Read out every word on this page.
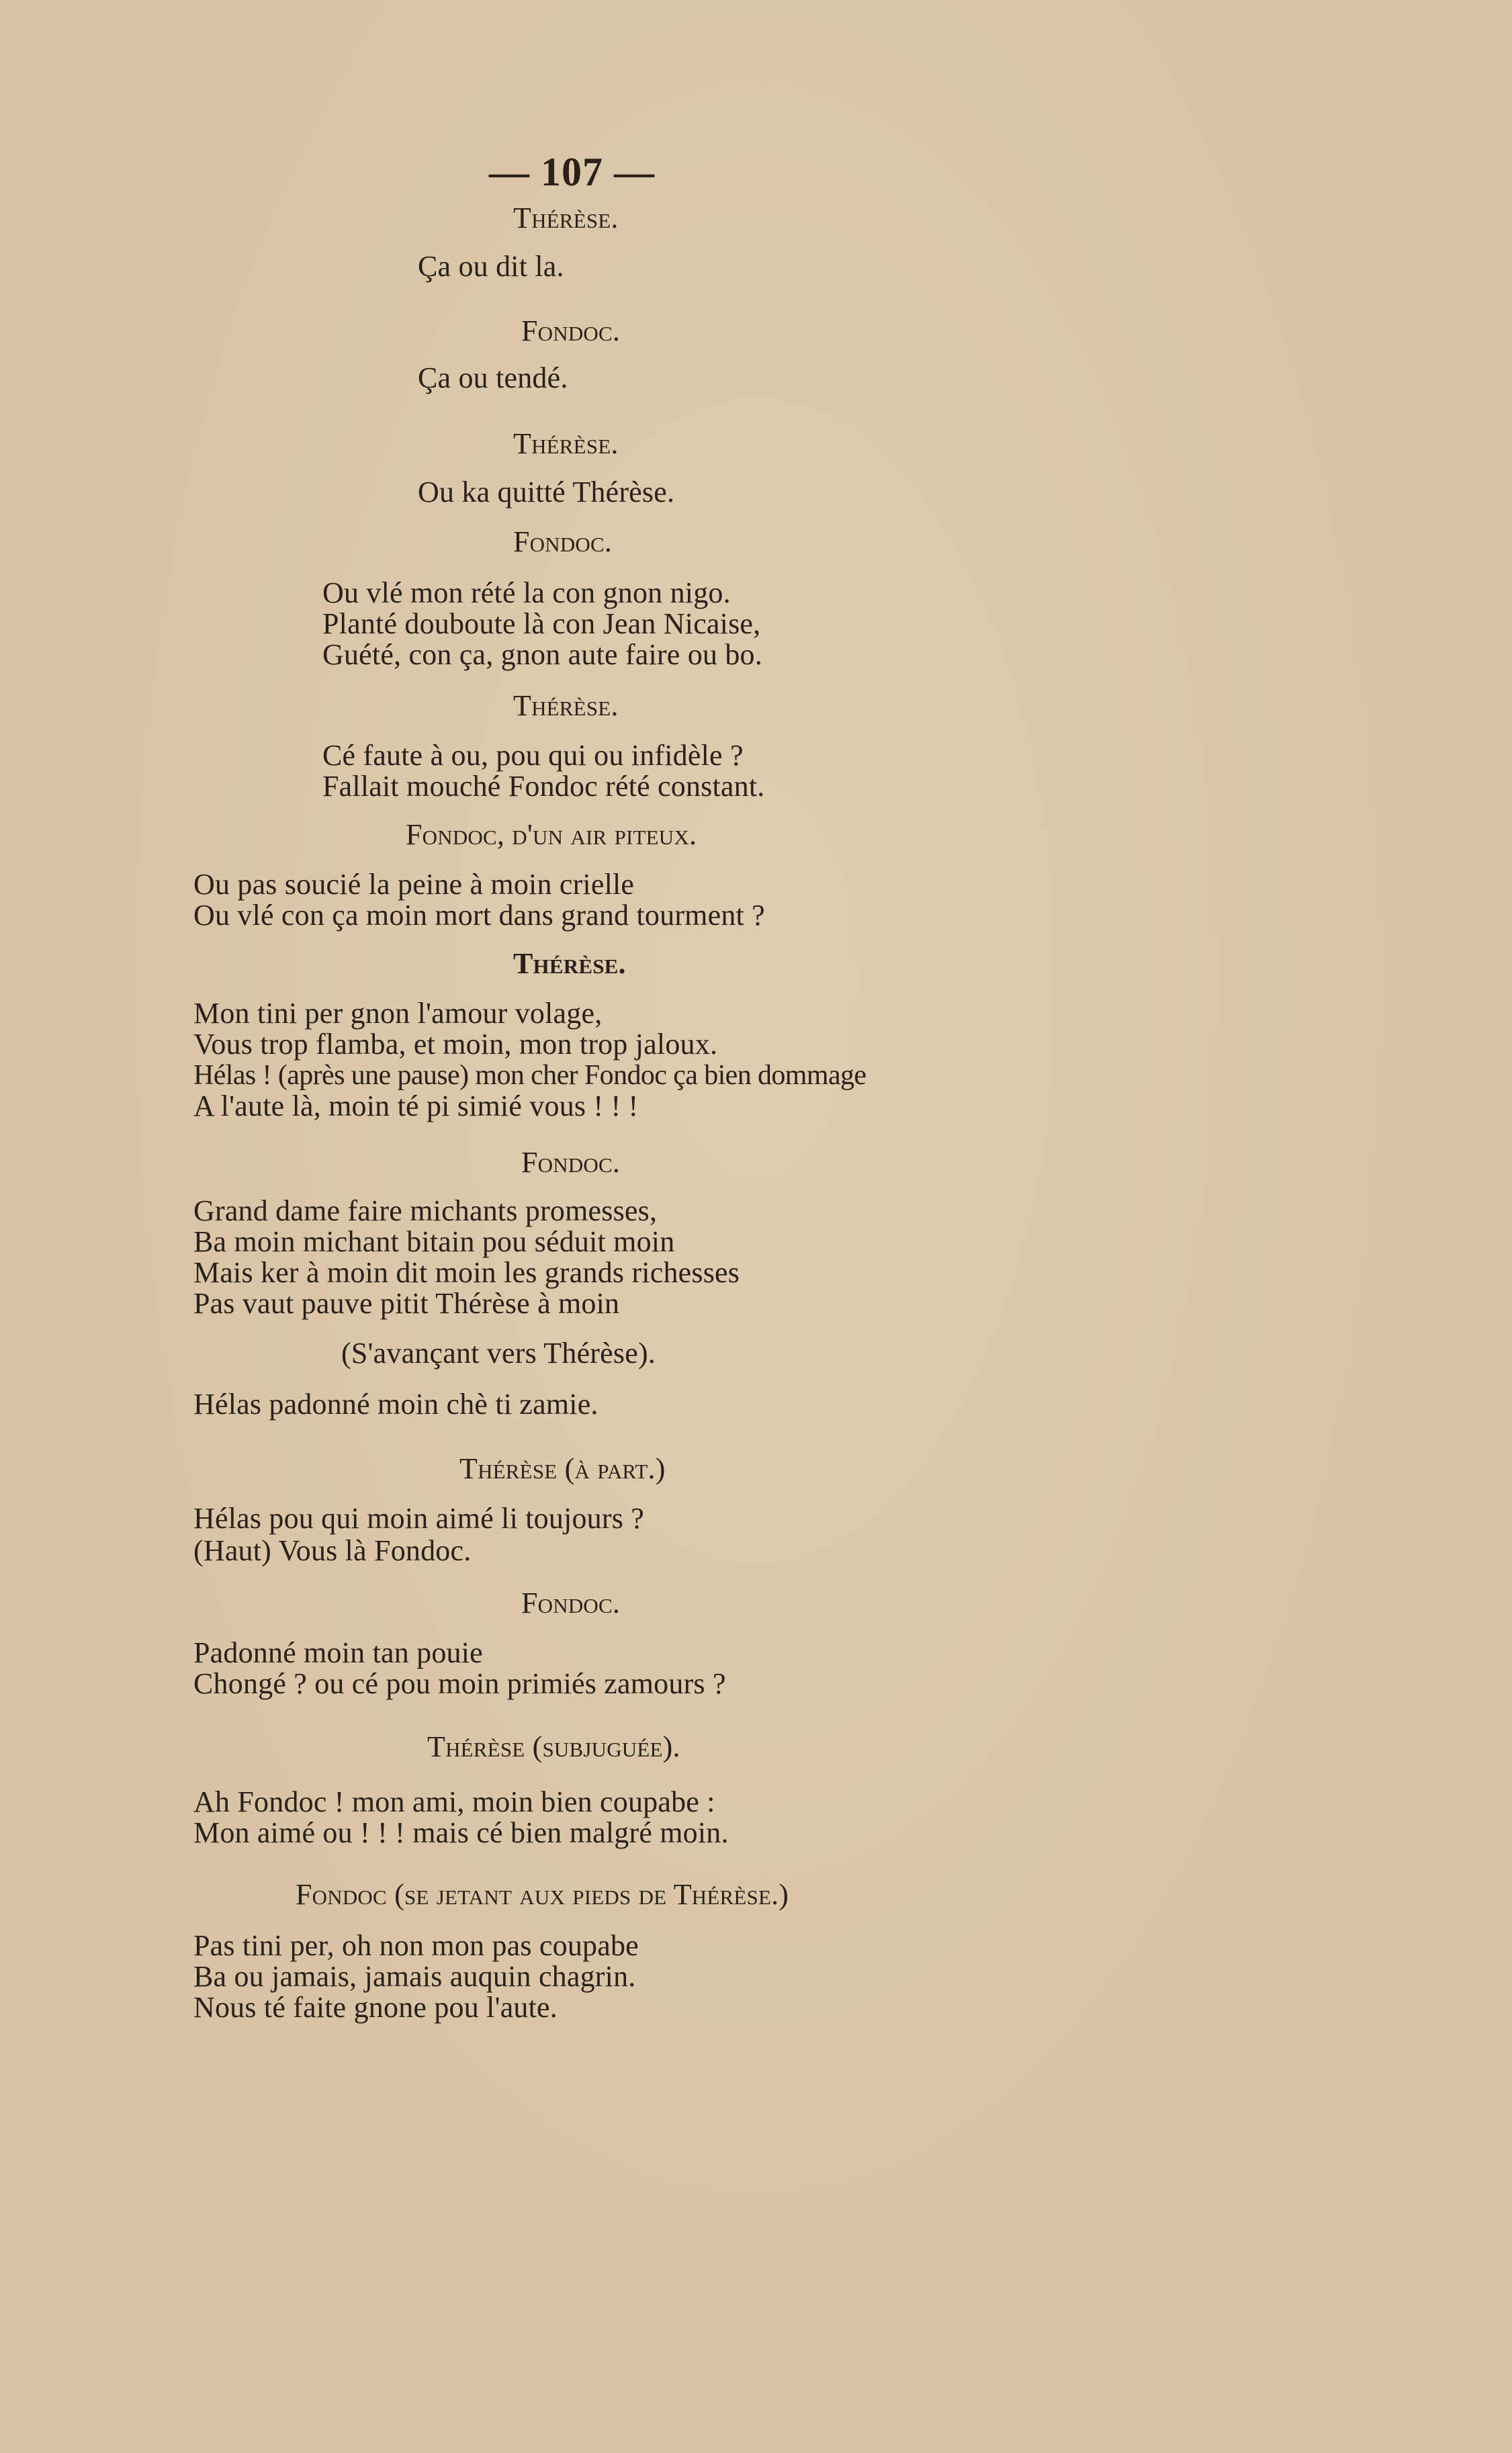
— 107 —
Thérèse.
Ça ou dit la.
Fondoc.
Ça ou tendé.
Thérèse.
Ou ka quitté Thérèse.
Fondoc.
Ou vlé mon rété la con gnon nigo.
Planté douboute là con Jean Nicaise,
Guété, con ça, gnon aute faire ou bo.
Thérèse.
Cé faute à ou, pou qui ou infidèle ?
Fallait mouché Fondoc rété constant.
Fondoc, d'un air piteux.
Ou pas soucié la peine à moin crielle
Ou vlé con ça moin mort dans grand tourment ?
Thérèse.
Mon tini per gnon l'amour volage,
Vous trop flamba, et moin, mon trop jaloux.
Hélas ! (après une pause) mon cher Fondoc ça bien dommage
A l'aute là, moin té pi simié vous ! ! !
Fondoc.
Grand dame faire michants promesses,
Ba moin michant bitain pou séduit moin
Mais ker à moin dit moin les grands richesses
Pas vaut pauve pitit Thérèse à moin
(S'avançant vers Thérèse).
Hélas padonné moin chè ti zamie.
Thérèse (à part.)
Hélas pou qui moin aimé li toujours ?
(Haut) Vous là Fondoc.
Fondoc.
Padonné moin tan pouie
Chongé ? ou cé pou moin primiés zamours ?
Thérèse (subjuguée).
Ah Fondoc ! mon ami, moin bien coupabe :
Mon aimé ou ! ! ! mais cé bien malgré moin.
Fondoc (se jetant aux pieds de Thérèse.)
Pas tini per, oh non mon pas coupabe
Ba ou jamais, jamais auquin chagrin.
Nous té faite gnone pou l'aute.
